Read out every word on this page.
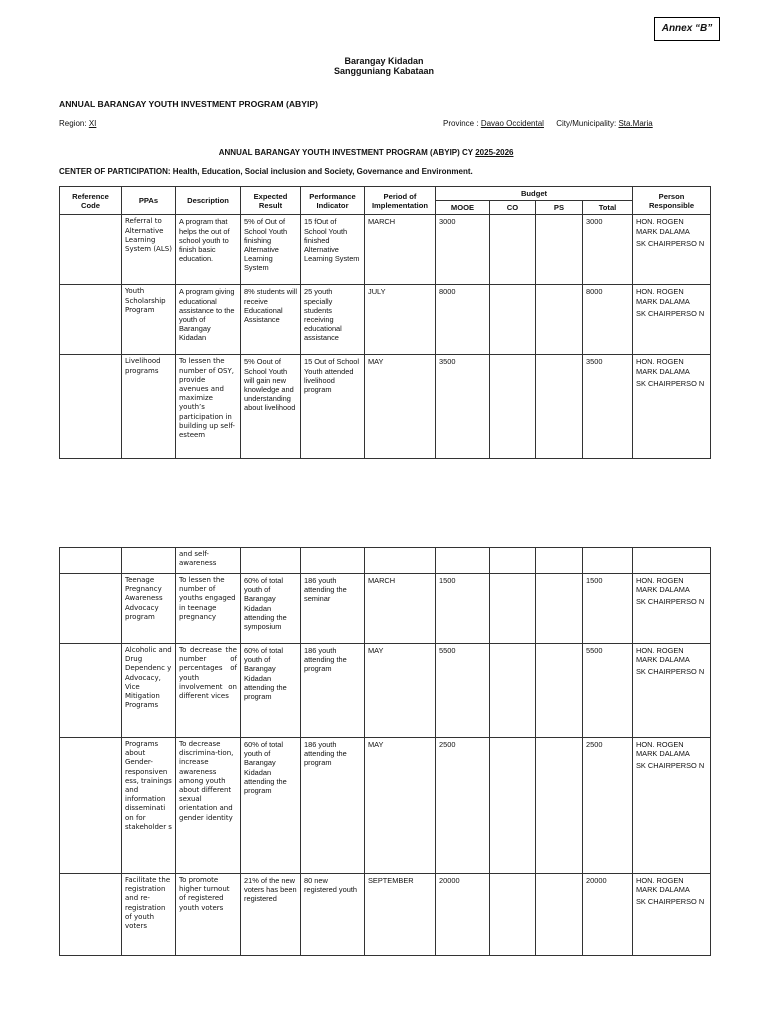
Annex “B”
Barangay Kidadan
Sangguniang Kabataan
ANNUAL BARANGAY YOUTH INVESTMENT PROGRAM (ABYIP)
Region: XI	Province : Davao Occidental City/Municipality: Sta.Maria
ANNUAL BARANGAY YOUTH INVESTMENT PROGRAM (ABYIP) CY 2025-2026
CENTER OF PARTICIPATION: Health, Education, Social inclusion and Society, Governance and Environment.
Reference Code	PPAs	Description	Expected Result	Performance Indicator	Period of Implementation	Budget				Person Responsible
						MOOE	CO	PS	Total	
	Referral to Alternative Learning System (ALS)	A program that helps the out of school youth to finish basic education.	5% of Out of School Youth finishing Alternative Learning System	15 fOut of School Youth finished Alternative Learning System	MARCH	3000			3000	HON. ROGEN MARK DALAMA
SK CHAIRPERSO N

	Youth Scholarship Program	A program giving educational assistance to the youth of Barangay Kidadan	8% students will receive Educational Assistance	25 youth specially students receiving educational assistance	JULY	8000			8000	HON. ROGEN MARK DALAMA
SK CHAIRPERSO N

	Livelihood programs	To lessen the number of OSY, provide avenues and maximize youth’s participation in building up self-esteem	5% Oout of School Youth will gain new knowledge and understanding about livelihood	15 Out of School Youth attended livelihood program	MAY	3500			3500	HON. ROGEN MARK DALAMA
SK CHAIRPERSO N
		and self-awareness								

	Teenage Pregnancy Awareness Advocacy program	To lessen the number of youths engaged in teenage pregnancy	60% of total youth of Barangay Kidadan attending the symposium	186 youth attending the seminar	MARCH	1500			1500	HON. ROGEN MARK DALAMA
SK CHAIRPERSO N

	Alcoholic and Drug Dependenc y Advocacy, Vice Mitigation Programs	To decrease the number of percentages of youth involvement on different vices	60% of total youth of Barangay Kidadan attending the program	186 youth attending the program	MAY	5500			5500	HON. ROGEN MARK DALAMA
SK CHAIRPERSO N

	Programs about Gender-responsiven ess, trainings and information disseminati on for stakeholder s	To decrease discrimina-tion, increase awareness among youth about different sexual orientation and gender identity	60% of total youth of Barangay Kidadan attending the program	186 youth attending the program	MAY	2500			2500	HON. ROGEN MARK DALAMA
SK CHAIRPERSO N

	Facilitate the registration and re-registration of youth voters	To promote higher turnout of registered youth voters	21% of the new voters has been registered	80 new registered youth	SEPTEMBER	20000			20000	HON. ROGEN MARK DALAMA
SK CHAIRPERSO N
